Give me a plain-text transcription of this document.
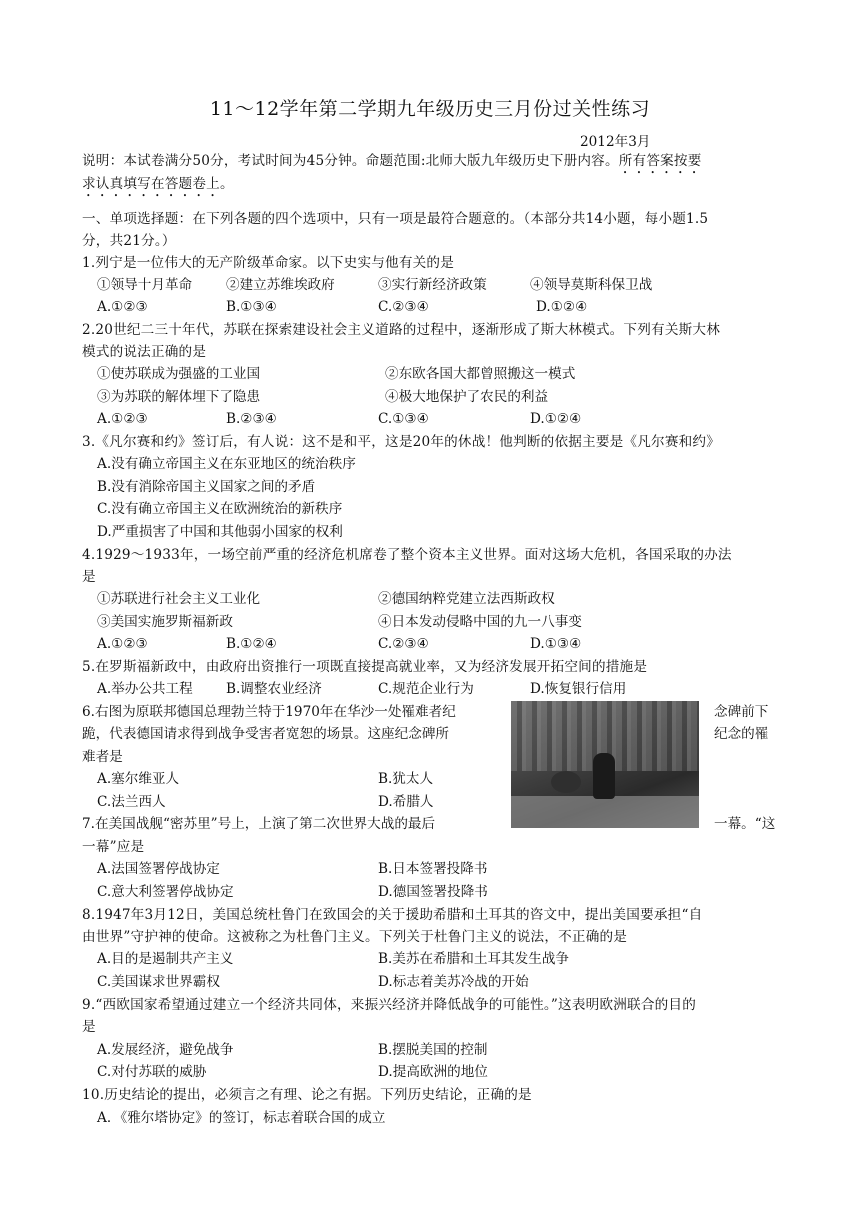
11～12学年第二学期九年级历史三月份过关性练习
2012年3月
说明：本试卷满分50分，考试时间为45分钟。命题范围:北师大版九年级历史下册内容。所有答案按要
求认真填写在答题卷上。
一、单项选择题：在下列各题的四个选项中，只有一项是最符合题意的。（本部分共14小题，每小题1.5
分，共21分。）
1.列宁是一位伟大的无产阶级革命家。以下史实与他有关的是
①领导十月革命 ②建立苏维埃政府	③实行新经济政策	④领导莫斯科保卫战
A.①②③	B.①③④	C.②③④	D.①②④
2.20世纪二三十年代，苏联在探索建设社会主义道路的过程中，逐渐形成了斯大林模式。下列有关斯大林
模式的说法正确的是
①使苏联成为强盛的工业国	②东欧各国大都曾照搬这一模式
③为苏联的解体埋下了隐患	④极大地保护了农民的利益
A.①②③	B.②③④	C.①③④	D.①②④
3.《凡尔赛和约》签订后，有人说：这不是和平，这是20年的休战！他判断的依据主要是《凡尔赛和约》
A.没有确立帝国主义在东亚地区的统治秩序
B.没有消除帝国主义国家之间的矛盾
C.没有确立帝国主义在欧洲统治的新秩序
D.严重损害了中国和其他弱小国家的权利
4.1929～1933年，一场空前严重的经济危机席卷了整个资本主义世界。面对这场大危机，各国采取的办法
是
①苏联进行社会主义工业化	②德国纳粹党建立法西斯政权
③美国实施罗斯福新政	④日本发动侵略中国的九一八事变
A.①②③	B.①②④	C.②③④	D.①③④
5.在罗斯福新政中，由政府出资推行一项既直接提高就业率，又为经济发展开拓空间的措施是
A.举办公共工程 B.调整农业经济	C.规范企业行为	D.恢复银行信用
6.右图为原联邦德国总理勃兰特于1970年在华沙一处罹难者纪	念碑前下
跪，代表德国请求得到战争受害者宽恕的场景。这座纪念碑所	纪念的罹
难者是
A.塞尔维亚人	B.犹太人
C.法兰西人	D.希腊人
7.在美国战舰“密苏里”号上，上演了第二次世界大战的最后	一幕。“这
一幕”应是
A.法国签署停战协定	B.日本签署投降书
C.意大利签署停战协定	D.德国签署投降书
8.1947年3月12日，美国总统杜鲁门在致国会的关于援助希腊和土耳其的咨文中，提出美国要承担“自
由世界”守护神的使命。这被称之为杜鲁门主义。下列关于杜鲁门主义的说法，不正确的是
A.目的是遏制共产主义	B.美苏在希腊和土耳其发生战争
C.美国谋求世界霸权	D.标志着美苏冷战的开始
9.“西欧国家希望通过建立一个经济共同体，来振兴经济并降低战争的可能性。”这表明欧洲联合的目的
是
A.发展经济，避免战争	B.摆脱美国的控制
C.对付苏联的威胁	D.提高欧洲的地位
10.历史结论的提出，必须言之有理、论之有据。下列历史结论，正确的是
A．《雅尔塔协定》的签订，标志着联合国的成立
